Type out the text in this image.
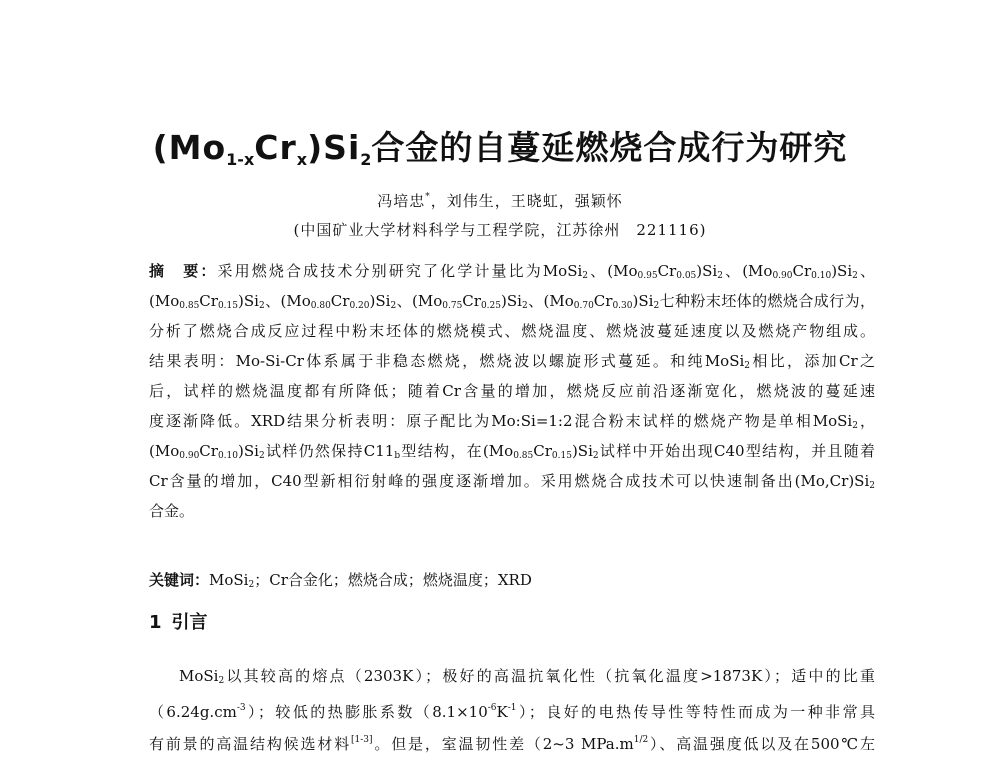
$(Mo_{1-x}Cr_x)Si_2$合金的自蔓延燃烧合成行为研究
冯培忠*，刘伟生，王晓虹，强颖怀
(中国矿业大学材料科学与工程学院，江苏徐州　221116)
摘　要：采用燃烧合成技术分别研究了化学计量比为MoSi$_2$、$(Mo_{0.95}Cr_{0.05})Si_2$、$(Mo_{0.90}Cr_{0.10})Si_2$、
$(Mo_{0.85}Cr_{0.15})Si_2$、$(Mo_{0.80}Cr_{0.20})Si_2$、$(Mo_{0.75}Cr_{0.25})Si_2$、$(Mo_{0.70}Cr_{0.30})Si_2$七种粉末坯体的燃烧合成行为，
分析了燃烧合成反应过程中粉末坯体的燃烧模式、燃烧温度、燃烧波蔓延速度以及燃烧产物组成。
结果表明：Mo-Si-Cr体系属于非稳态燃烧，燃烧波以螺旋形式蔓延。和纯MoSi$_2$相比，添加Cr之
后，试样的燃烧温度都有所降低；随着Cr含量的增加，燃烧反应前沿逐渐宽化，燃烧波的蔓延速
度逐渐降低。XRD结果分析表明：原子配比为Mo:Si=1:2混合粉末试样的燃烧产物是单相MoSi$_2$，
$(Mo_{0.90}Cr_{0.10})Si_2$试样仍然保持$C11_b$型结构，在$(Mo_{0.85}Cr_{0.15})Si_2$试样中开始出现C40型结构，并且随着
Cr含量的增加，C40型新相衍射峰的强度逐渐增加。采用燃烧合成技术可以快速制备出$(Mo,Cr)Si_2$
合金。
关键词：MoSi$_2$；Cr合金化；燃烧合成；燃烧温度；XRD
1 引言
MoSi$_2$以其较高的熔点（2303K）；极好的高温抗氧化性（抗氧化温度>1873K）；适中的比重
$(6.24g.cm^{-3})$；较低的热膨胀系数$(8.1\times 10^{-6}K^{-1})$；良好的电热传导性等特性而成为一种非常具
有前景的高温结构候选材料[1-3]。但是，室温韧性差（2~3 $MPa.m^{1/2}$）、高温强度低以及在500℃左
